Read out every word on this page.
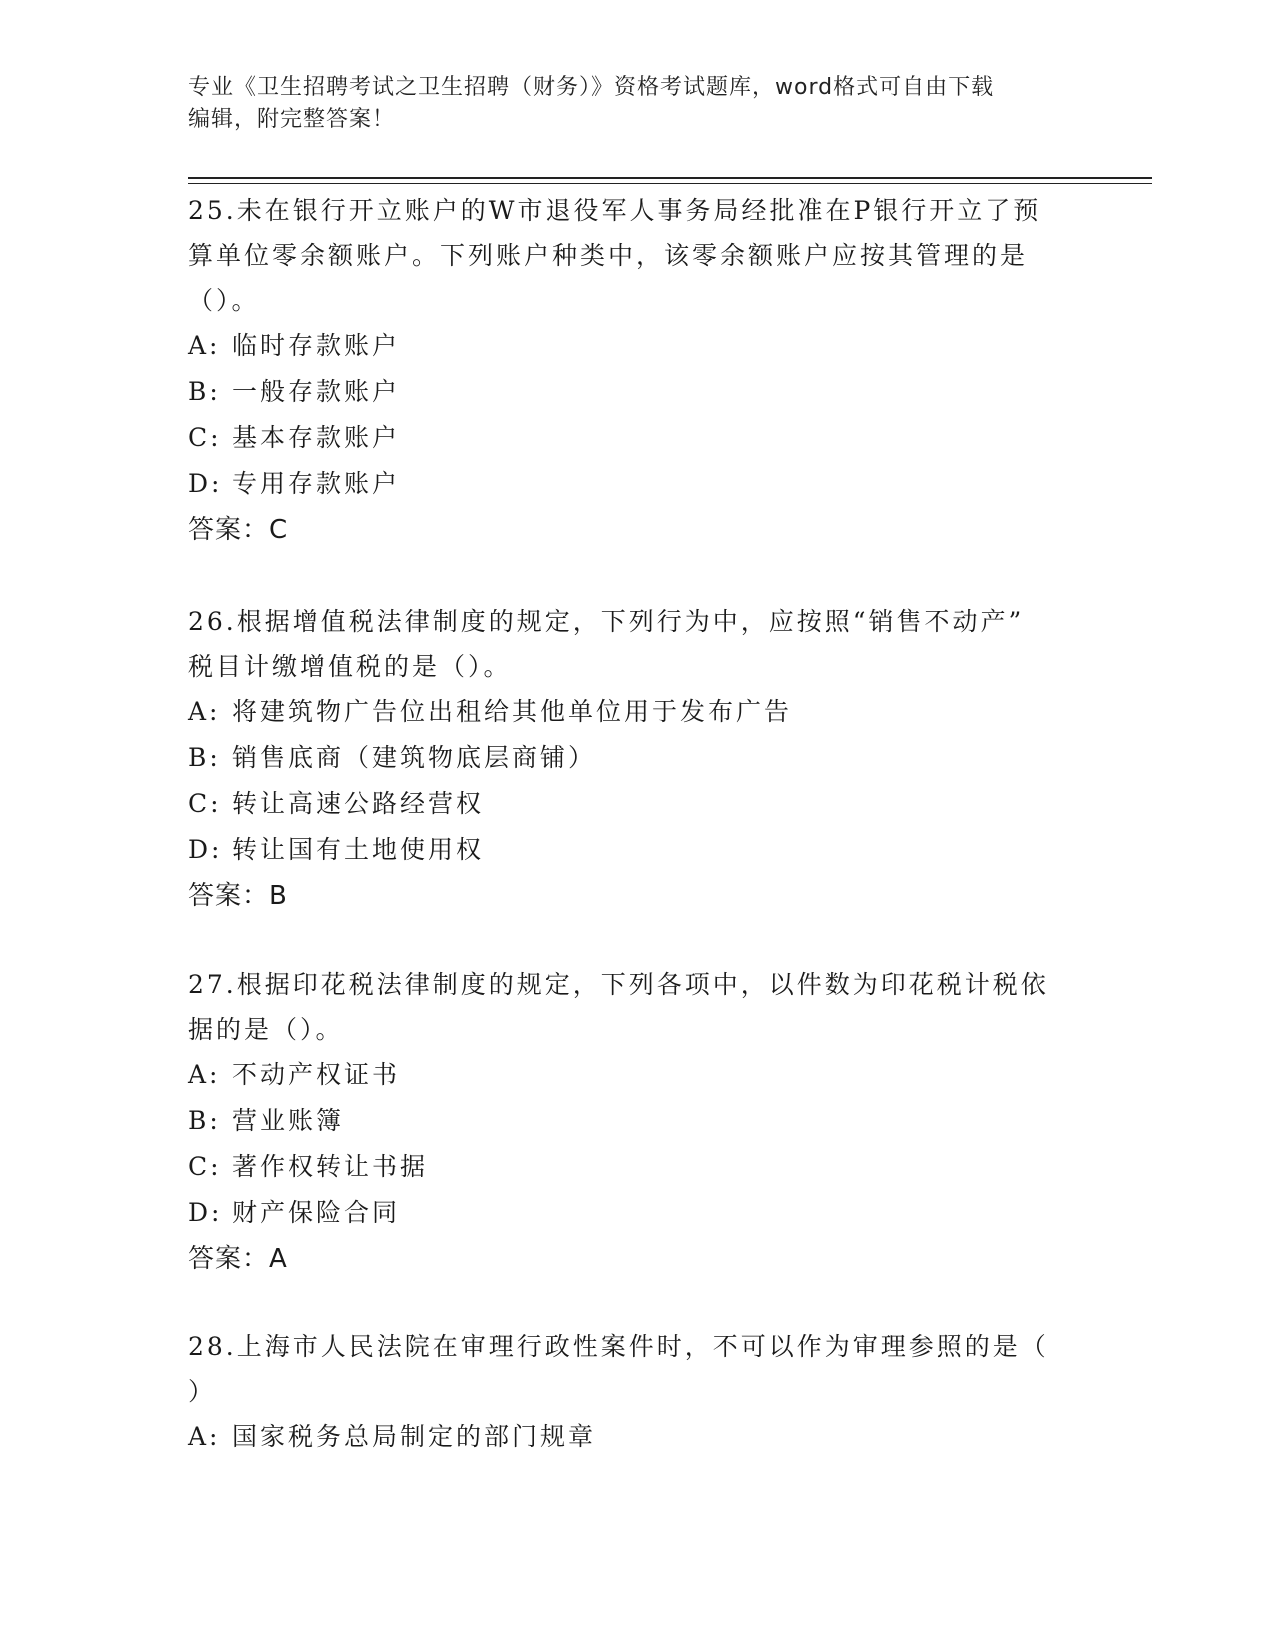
专业《卫生招聘考试之卫生招聘（财务）》资格考试题库，word格式可自由下载
编辑，附完整答案！
25.未在银行开立账户的W市退役军人事务局经批准在P银行开立了预
算单位零余额账户。下列账户种类中，该零余额账户应按其管理的是
（）。
A: 临时存款账户
B: 一般存款账户
C: 基本存款账户
D: 专用存款账户
答案：C
26.根据增值税法律制度的规定，下列行为中，应按照“销售不动产”
税目计缴增值税的是（）。
A: 将建筑物广告位出租给其他单位用于发布广告
B: 销售底商（建筑物底层商铺）
C: 转让高速公路经营权
D: 转让国有土地使用权
答案：B
27.根据印花税法律制度的规定，下列各项中，以件数为印花税计税依
据的是（）。
A: 不动产权证书
B: 营业账簿
C: 著作权转让书据
D: 财产保险合同
答案：A
28.上海市人民法院在审理行政性案件时，不可以作为审理参照的是（
）
A: 国家税务总局制定的部门规章
